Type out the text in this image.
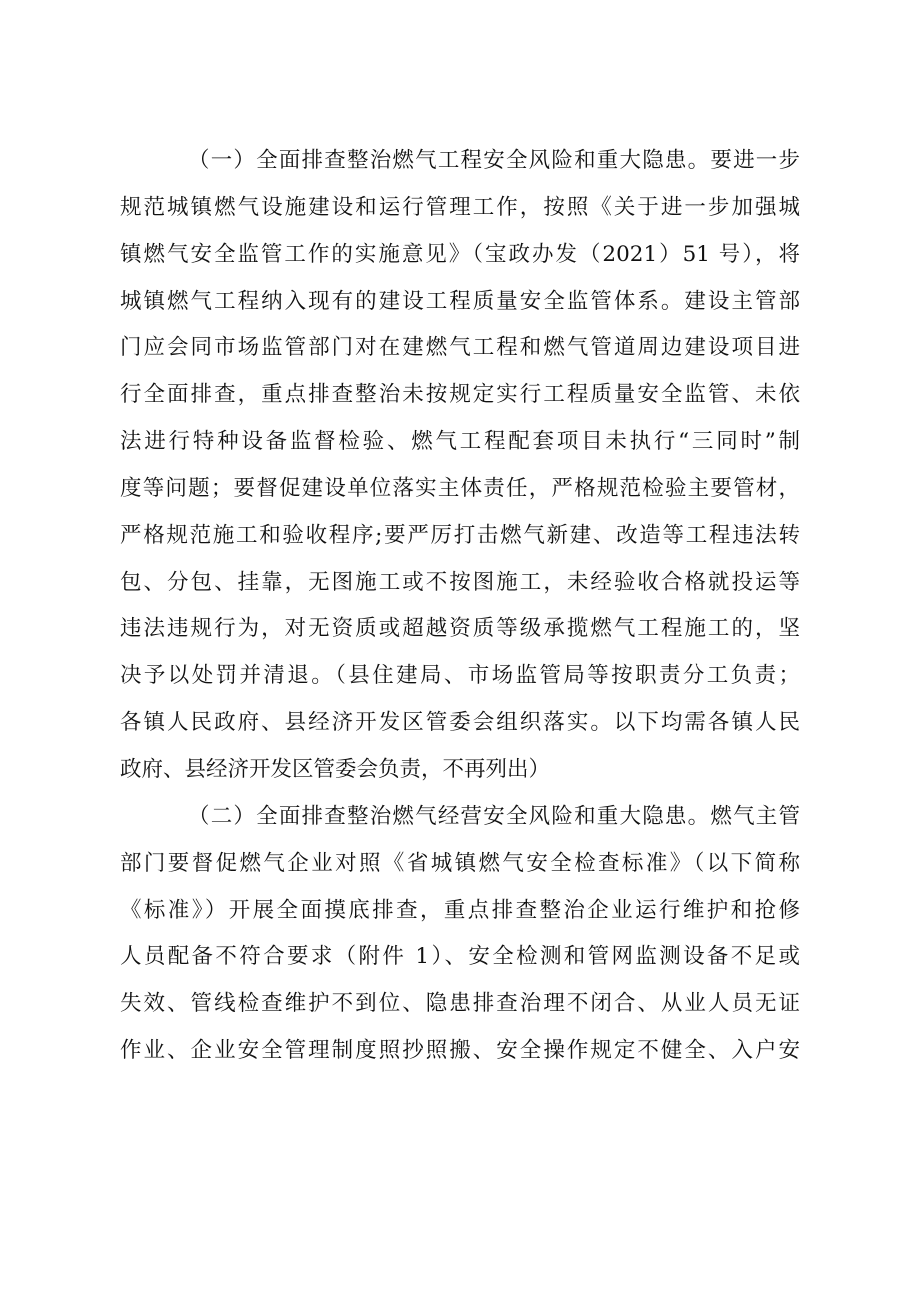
（一）全面排查整治燃气工程安全风险和重大隐患。要进一步
规范城镇燃气设施建设和运行管理工作，按照《关于进一步加强城
镇燃气安全监管工作的实施意见》（宝政办发（2021）51 号），将
城镇燃气工程纳入现有的建设工程质量安全监管体系。建设主管部
门应会同市场监管部门对在建燃气工程和燃气管道周边建设项目进
行全面排查，重点排查整治未按规定实行工程质量安全监管、未依
法进行特种设备监督检验、燃气工程配套项目未执行“三同时”制
度等问题；要督促建设单位落实主体责任，严格规范检验主要管材，
严格规范施工和验收程序;要严厉打击燃气新建、改造等工程违法转
包、分包、挂靠，无图施工或不按图施工，未经验收合格就投运等
违法违规行为，对无资质或超越资质等级承揽燃气工程施工的，坚
决予以处罚并清退。（县住建局、市场监管局等按职责分工负责；
各镇人民政府、县经济开发区管委会组织落实。以下均需各镇人民
政府、县经济开发区管委会负责，不再列出）
（二）全面排查整治燃气经营安全风险和重大隐患。燃气主管
部门要督促燃气企业对照《省城镇燃气安全检查标准》（以下简称
《标准》）开展全面摸底排查，重点排查整治企业运行维护和抢修
人员配备不符合要求（附件 1）、安全检测和管网监测设备不足或
失效、管线检查维护不到位、隐患排查治理不闭合、从业人员无证
作业、企业安全管理制度照抄照搬、安全操作规定不健全、入户安
